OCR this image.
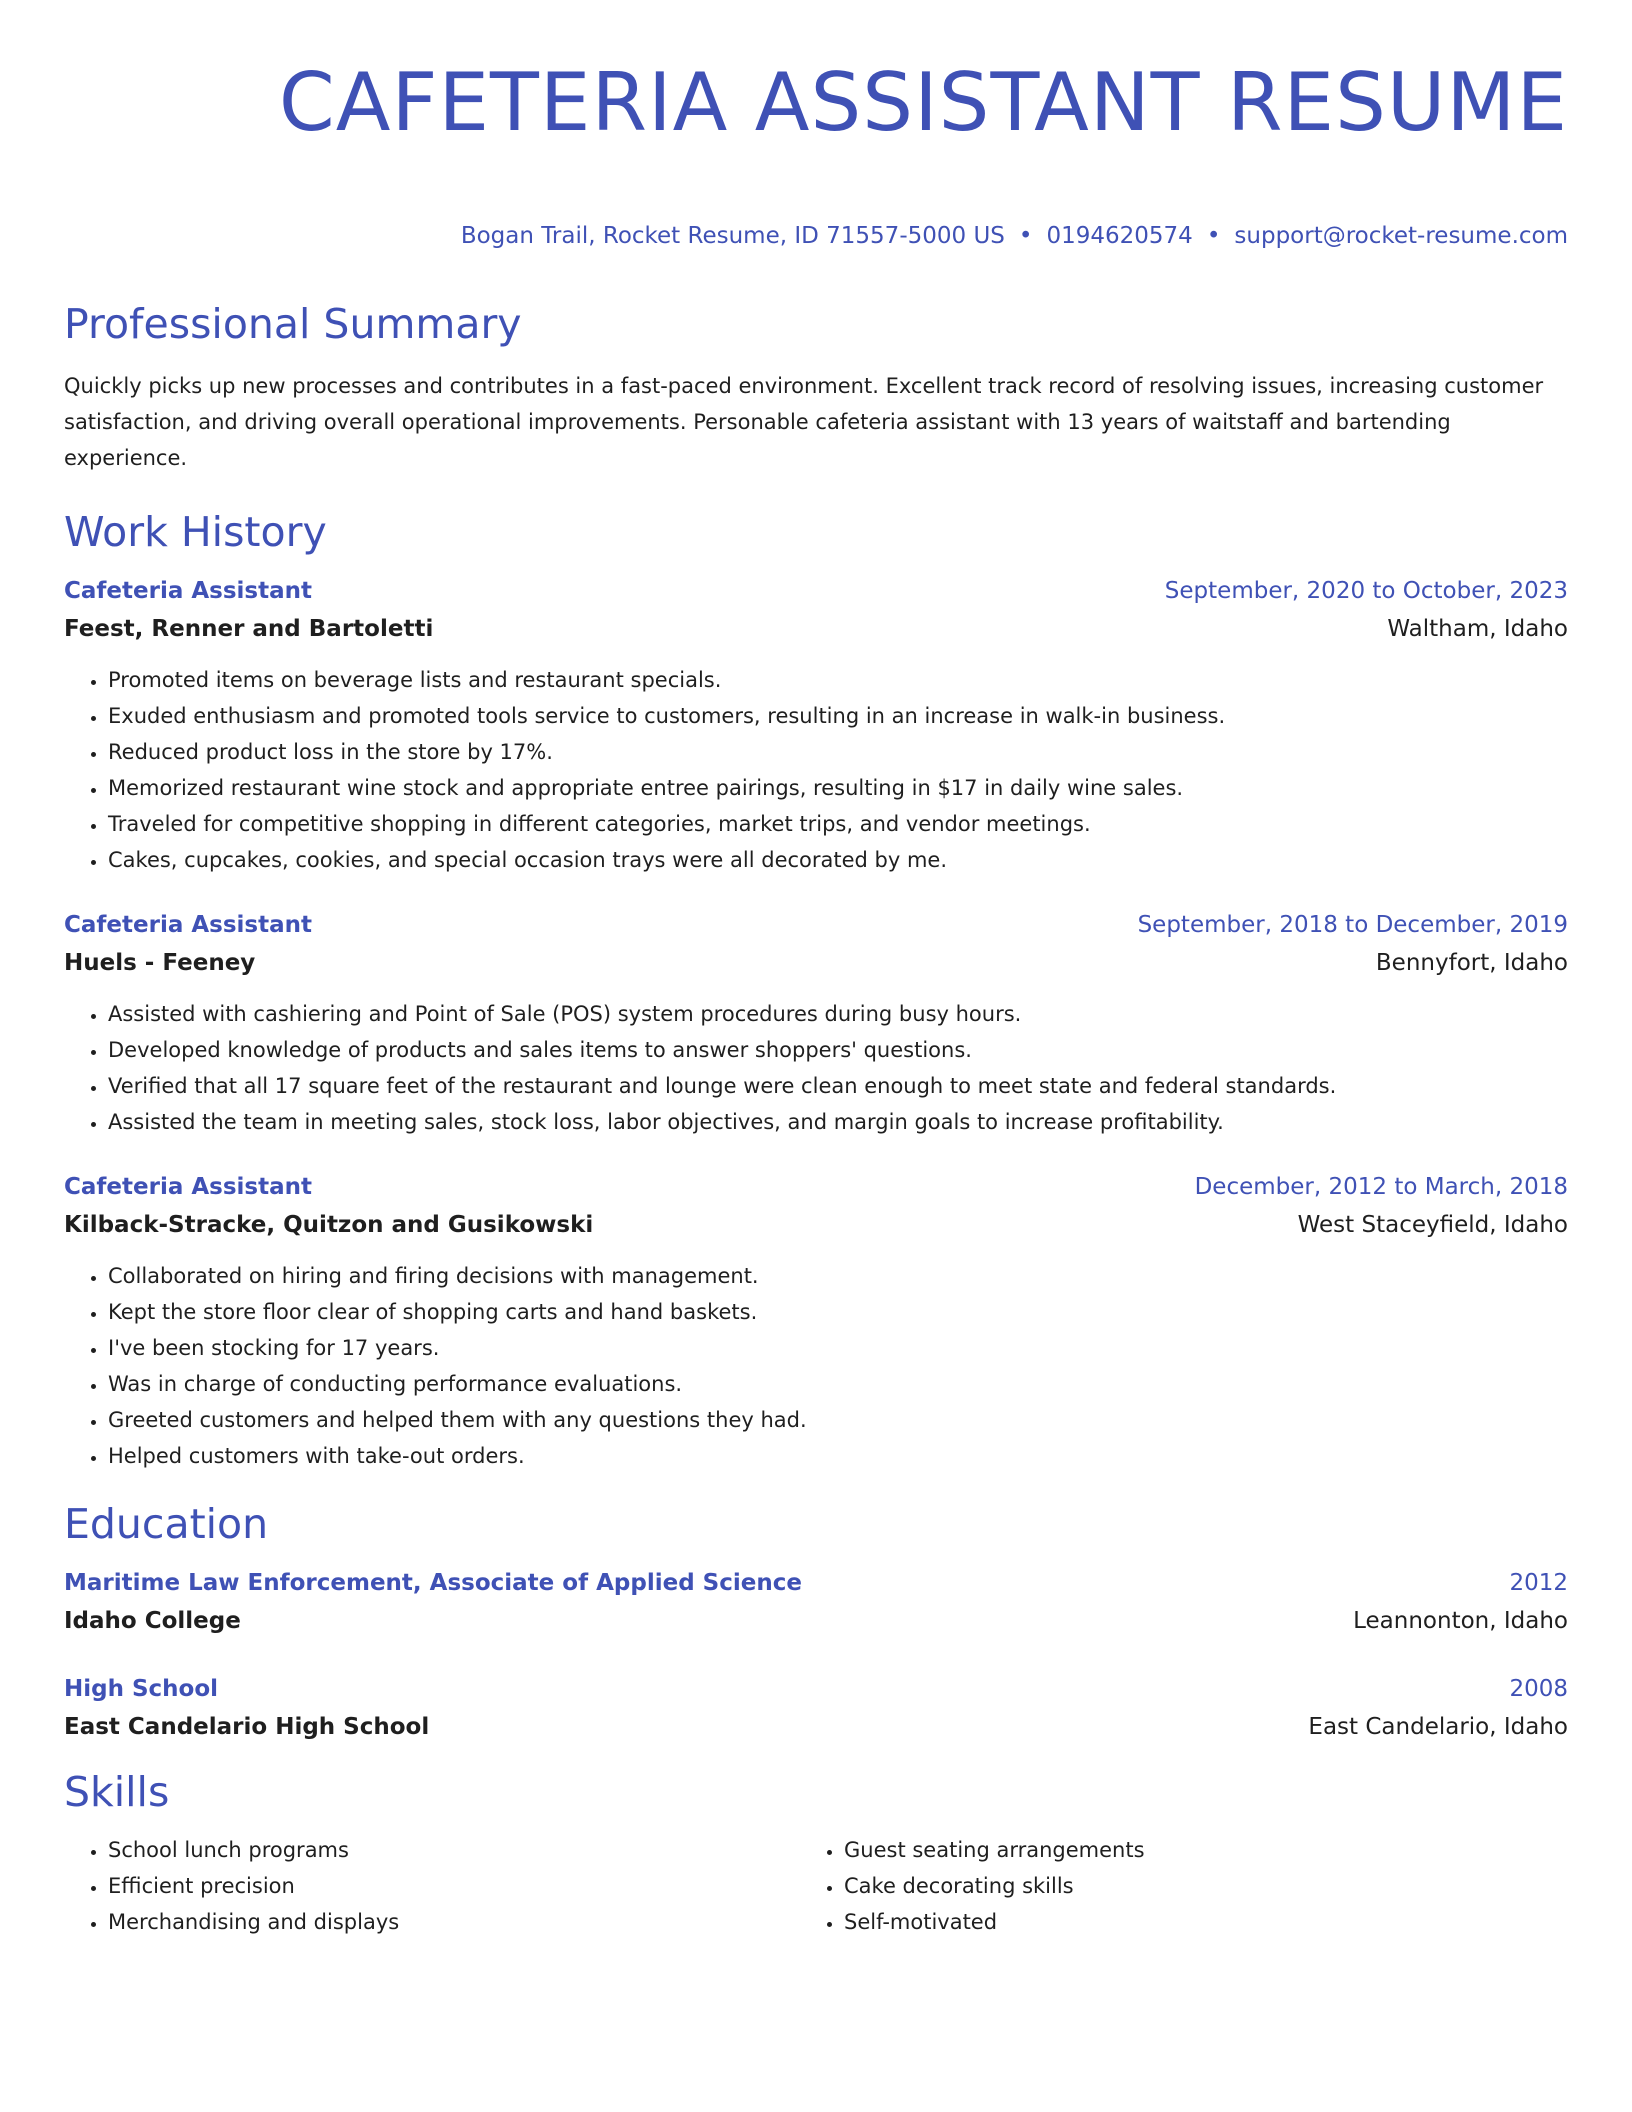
CAFETERIA ASSISTANT RESUME
Bogan Trail, Rocket Resume, ID 71557-5000 US • 0194620574 • support@rocket-resume.com
Professional Summary

Quickly picks up new processes and contributes in a fast-paced environment. Excellent track record of resolving issues, increasing customer satisfaction, and driving overall operational improvements. Personable cafeteria assistant with 13 years of waitstaff and bartending experience.

Work History
Cafeteria Assistant	September, 2020 to October, 2023
Feest, Renner and Bartoletti	Waltham, Idaho
• Promoted items on beverage lists and restaurant specials.
• Exuded enthusiasm and promoted tools service to customers, resulting in an increase in walk-in business.
• Reduced product loss in the store by 17%.
• Memorized restaurant wine stock and appropriate entree pairings, resulting in $17 in daily wine sales.
• Traveled for competitive shopping in different categories, market trips, and vendor meetings.
• Cakes, cupcakes, cookies, and special occasion trays were all decorated by me.
Cafeteria Assistant	September, 2018 to December, 2019
Huels - Feeney	Bennyfort, Idaho
• Assisted with cashiering and Point of Sale (POS) system procedures during busy hours.
• Developed knowledge of products and sales items to answer shoppers' questions.
• Verified that all 17 square feet of the restaurant and lounge were clean enough to meet state and federal standards.
• Assisted the team in meeting sales, stock loss, labor objectives, and margin goals to increase profitability.
Cafeteria Assistant	December, 2012 to March, 2018
Kilback-Stracke, Quitzon and Gusikowski	West Staceyfield, Idaho
• Collaborated on hiring and firing decisions with management.
• Kept the store floor clear of shopping carts and hand baskets.
• I've been stocking for 17 years.
• Was in charge of conducting performance evaluations.
• Greeted customers and helped them with any questions they had.
• Helped customers with take-out orders.
Education
Maritime Law Enforcement, Associate of Applied Science	2012
Idaho College	Leannonton, Idaho
High School	2008
East Candelario High School	East Candelario, Idaho
Skills
• School lunch programs
• Efficient precision
• Merchandising and displays
• Guest seating arrangements
• Cake decorating skills
• Self-motivated
